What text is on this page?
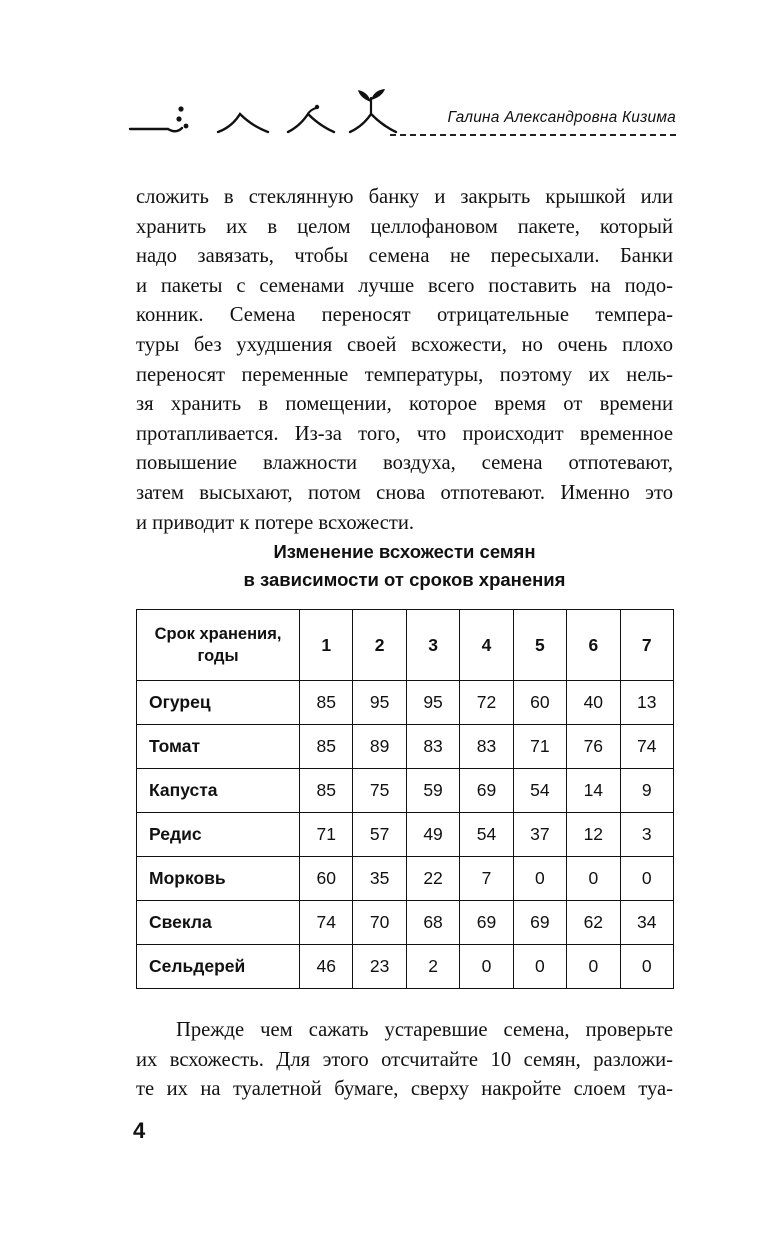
Галина Александровна Кизима
сложить в стеклянную банку и закрыть крышкой или
хранить их в целом целлофановом пакете, который
надо завязать, чтобы семена не пересыхали. Банки
и пакеты с семенами лучше всего поставить на подо-
конник. Семена переносят отрицательные темпера-
туры без ухудшения своей всхожести, но очень плохо
переносят переменные температуры, поэтому их нель-
зя хранить в помещении, которое время от времени
протапливается. Из-за того, что происходит временное
повышение влажности воздуха, семена отпотевают,
затем высыхают, потом снова отпотевают. Именно это
и приводит к потере всхожести.
Изменение всхожести семян
в зависимости от сроков хранения
Срок хранения,
годы	1	2	3	4	5	6	7
Огурец	85	95	95	72	60	40	13
Томат	85	89	83	83	71	76	74
Капуста	85	75	59	69	54	14	9
Редис	71	57	49	54	37	12	3
Морковь	60	35	22	7	0	0	0
Свекла	74	70	68	69	69	62	34
Сельдерей	46	23	2	0	0	0	0
Прежде чем сажать устаревшие семена, проверьте
их всхожесть. Для этого отсчитайте 10 семян, разложи-
те их на туалетной бумаге, сверху накройте слоем туа-
4
